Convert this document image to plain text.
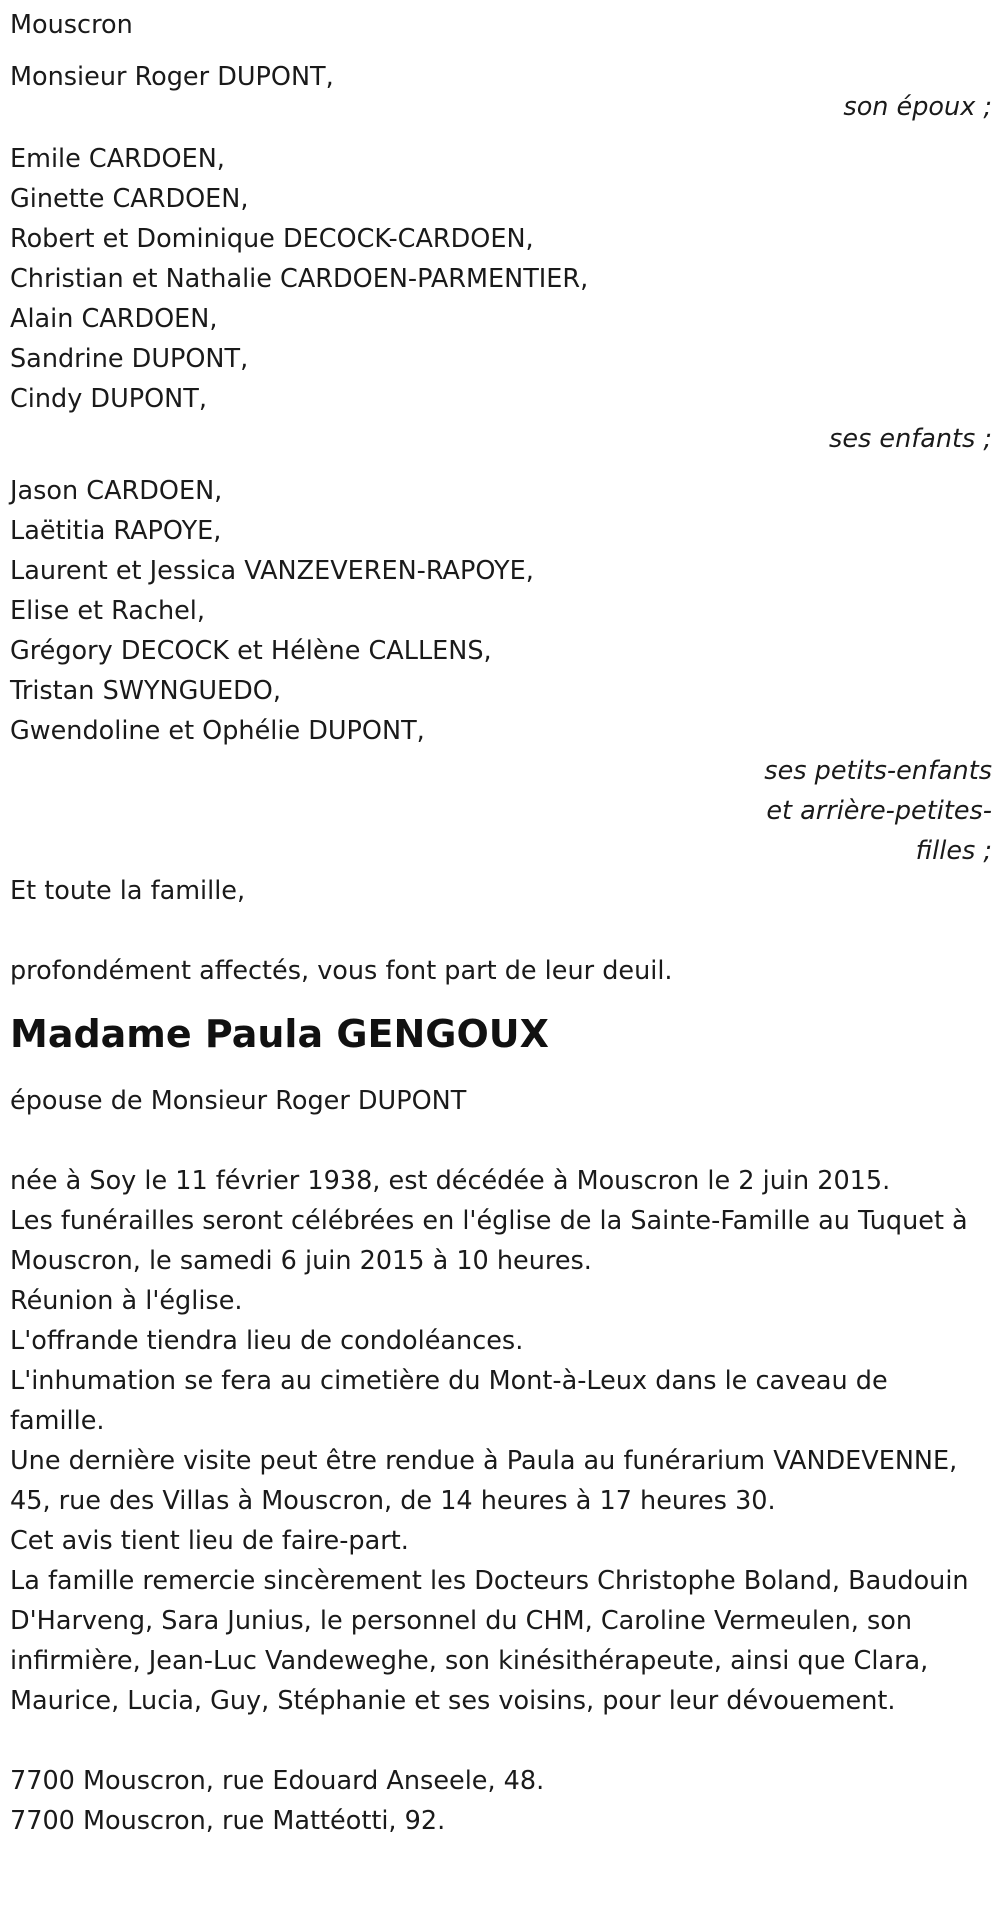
Mouscron
Monsieur Roger DUPONT,
son époux ;
Emile CARDOEN,
Ginette CARDOEN,
Robert et Dominique DECOCK-CARDOEN,
Christian et Nathalie CARDOEN-PARMENTIER,
Alain CARDOEN,
Sandrine DUPONT,
Cindy DUPONT,
ses enfants ;
Jason CARDOEN,
Laëtitia RAPOYE,
Laurent et Jessica VANZEVEREN-RAPOYE,
Elise et Rachel,
Grégory DECOCK et Hélène CALLENS,
Tristan SWYNGUEDO,
Gwendoline et Ophélie DUPONT,
ses petits-enfants
et arrière-petites-
filles ;
Et toute la famille,
profondément affectés, vous font part de leur deuil.
Madame Paula GENGOUX
épouse de Monsieur Roger DUPONT
née à Soy le 11 février 1938, est décédée à Mouscron le 2 juin 2015.
Les funérailles seront célébrées en l'église de la Sainte-Famille au Tuquet à Mouscron, le samedi 6 juin 2015 à 10 heures.
Réunion à l'église.
L'offrande tiendra lieu de condoléances.
L'inhumation se fera au cimetière du Mont-à-Leux dans le caveau de famille.
Une dernière visite peut être rendue à Paula au funérarium VANDEVENNE, 45, rue des Villas à Mouscron, de 14 heures à 17 heures 30.
Cet avis tient lieu de faire-part.
La famille remercie sincèrement les Docteurs Christophe Boland, Baudouin D'Harveng, Sara Junius, le personnel du CHM, Caroline Vermeulen, son infirmière, Jean-Luc Vandeweghe, son kinésithérapeute, ainsi que Clara, Maurice, Lucia, Guy, Stéphanie et ses voisins, pour leur dévouement.
7700 Mouscron, rue Edouard Anseele, 48.
7700 Mouscron, rue Mattéotti, 92.
